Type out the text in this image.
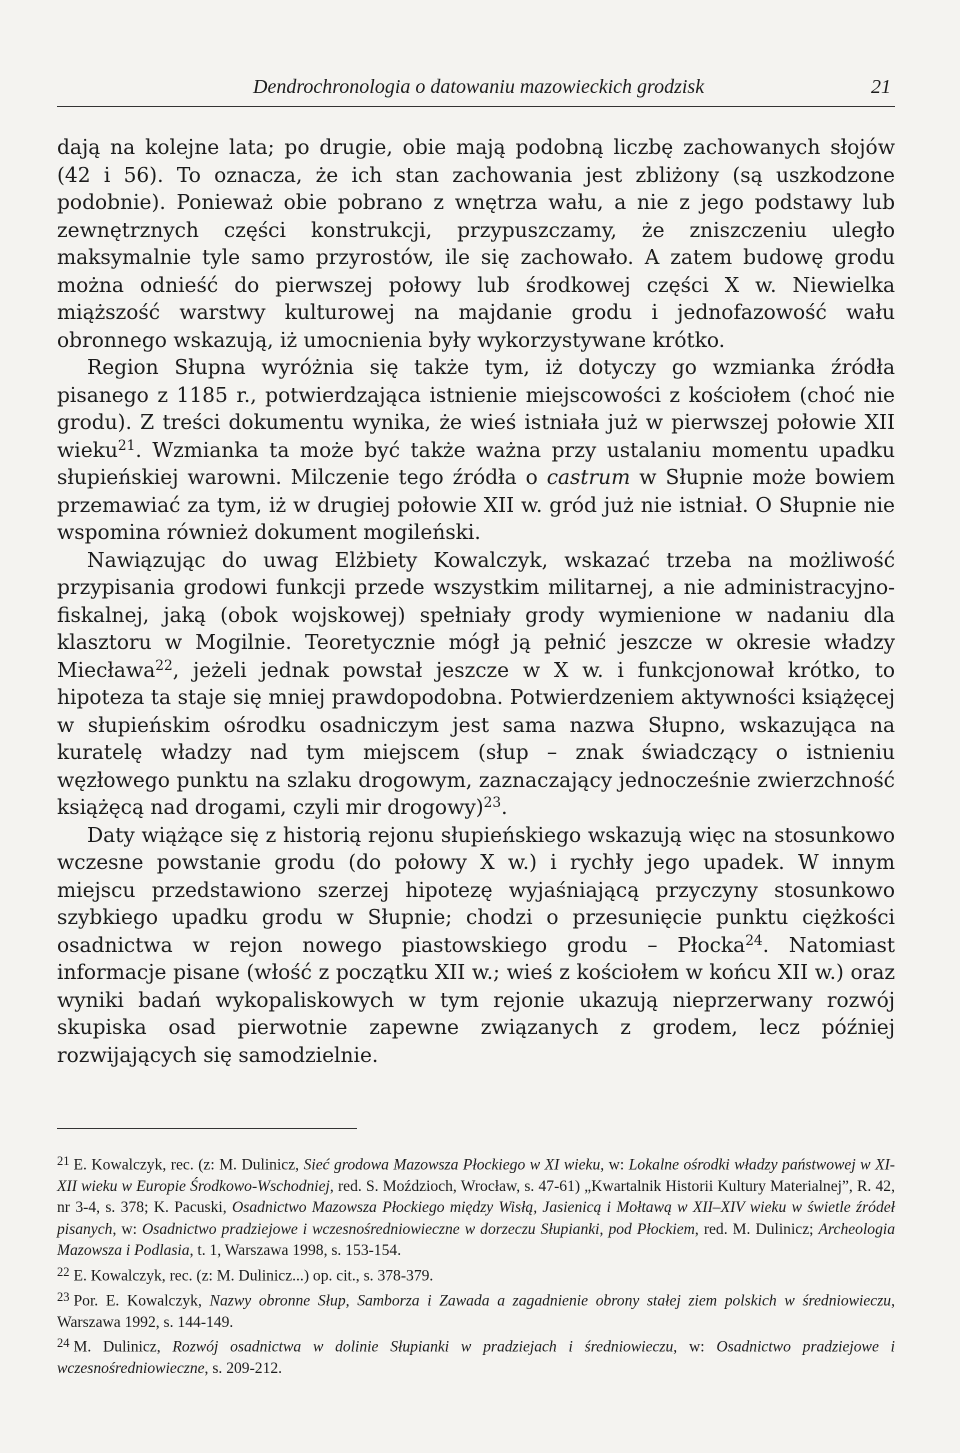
Dendrochronologia o datowaniu mazowieckich grodzisk	21

dają na kolejne lata; po drugie, obie mają podobną liczbę zachowanych słojów (42 i 56). To oznacza, że ich stan zachowania jest zbliżony (są uszkodzone podobnie). Ponieważ obie pobrano z wnętrza wału, a nie z jego podstawy lub zewnętrznych części konstrukcji, przypuszczamy, że zniszczeniu uległo maksymalnie tyle samo przyrostów, ile się zachowało. A zatem budowę grodu można odnieść do pierwszej połowy lub środkowej części X w. Niewielka miąższość warstwy kulturowej na majdanie grodu i jednofazowość wału obronnego wskazują, iż umocnienia były wykorzystywane krótko.

Region Słupna wyróżnia się także tym, iż dotyczy go wzmianka źródła pisanego z 1185 r., potwierdzająca istnienie miejscowości z kościołem (choć nie grodu). Z treści dokumentu wynika, że wieś istniała już w pierwszej połowie XII wieku$^{21}$. Wzmianka ta może być także ważna przy ustalaniu momentu upadku słupieńskiej warowni. Milczenie tego źródła o castrum w Słupnie może bowiem przemawiać za tym, iż w drugiej połowie XII w. gród już nie istniał. O Słupnie nie wspomina również dokument mogileński.

Nawiązując do uwag Elżbiety Kowalczyk, wskazać trzeba na możliwość przypisania grodowi funkcji przede wszystkim militarnej, a nie administracyjno-fiskalnej, jaką (obok wojskowej) spełniały grody wymienione w nadaniu dla klasztoru w Mogilnie. Teoretycznie mógł ją pełnić jeszcze w okresie władzy Miecława$^{22}$, jeżeli jednak powstał jeszcze w X w. i funkcjonował krótko, to hipoteza ta staje się mniej prawdopodobna. Potwierdzeniem aktywności książęcej w słupieńskim ośrodku osadniczym jest sama nazwa Słupno, wskazująca na kuratelę władzy nad tym miejscem (słup – znak świadczący o istnieniu węzłowego punktu na szlaku drogowym, zaznaczający jednocześnie zwierzchność książęcą nad drogami, czyli mir drogowy)$^{23}$.

Daty wiążące się z historią rejonu słupieńskiego wskazują więc na stosunkowo wczesne powstanie grodu (do połowy X w.) i rychły jego upadek. W innym miejscu przedstawiono szerzej hipotezę wyjaśniającą przyczyny stosunkowo szybkiego upadku grodu w Słupnie; chodzi o przesunięcie punktu ciężkości osadnictwa w rejon nowego piastowskiego grodu – Płocka$^{24}$. Natomiast informacje pisane (włość z początku XII w.; wieś z kościołem w końcu XII w.) oraz wyniki badań wykopaliskowych w tym rejonie ukazują nieprzerwany rozwój skupiska osad pierwotnie zapewne związanych z grodem, lecz później rozwijających się samodzielnie.

$^{21}$ E. Kowalczyk, rec. (z: M. Dulinicz, Sieć grodowa Mazowsza Płockiego w XI wieku, w: Lokalne ośrodki władzy państwowej w XI-XII wieku w Europie Środkowo-Wschodniej, red. S. Moździoch, Wrocław, s. 47-61) „Kwartalnik Historii Kultury Materialnej”, R. 42, nr 3-4, s. 378; K. Pacuski, Osadnictwo Mazowsza Płockiego między Wisłą, Jasienicą i Mołtawą w XII–XIV wieku w świetle źródeł pisanych, w: Osadnictwo pradziejowe i wczesnośredniowieczne w dorzeczu Słupianki, pod Płockiem, red. M. Dulinicz; Archeologia Mazowsza i Podlasia, t. 1, Warszawa 1998, s. 153-154.

$^{22}$ E. Kowalczyk, rec. (z: M. Dulinicz...) op. cit., s. 378-379.

$^{23}$ Por. E. Kowalczyk, Nazwy obronne Słup, Samborza i Zawada a zagadnienie obrony stałej ziem polskich w średniowieczu, Warszawa 1992, s. 144-149.

$^{24}$ M. Dulinicz, Rozwój osadnictwa w dolinie Słupianki w pradziejach i średniowieczu, w: Osadnictwo pradziejowe i wczesnośredniowieczne, s. 209-212.
